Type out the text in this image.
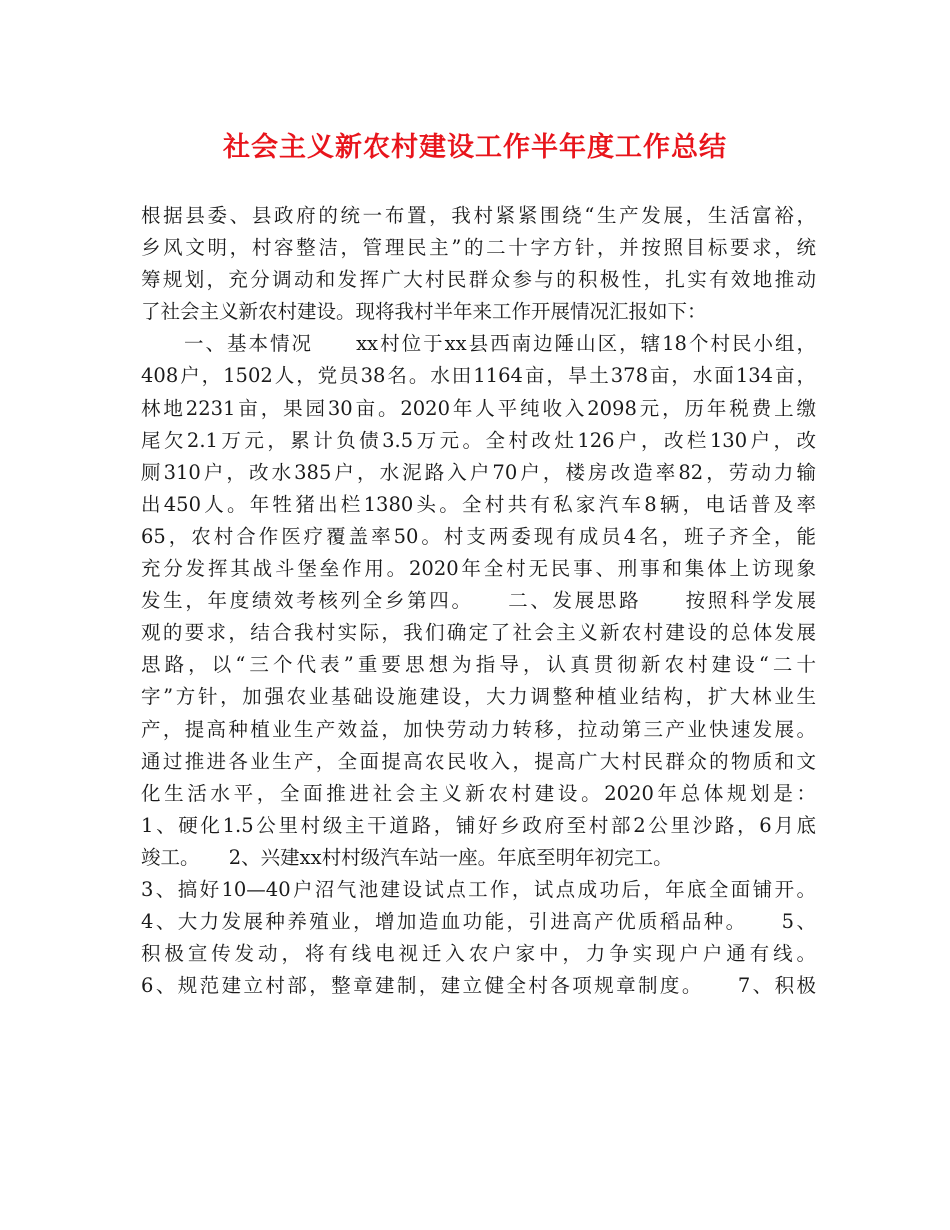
社会主义新农村建设工作半年度工作总结
根据县委、县政府的统一布置，我村紧紧围绕“生产发展，生活富裕，
乡风文明，村容整洁，管理民主”的二十字方针，并按照目标要求，统
筹规划，充分调动和发挥广大村民群众参与的积极性，扎实有效地推动
了社会主义新农村建设。现将我村半年来工作开展情况汇报如下：
　　一、基本情况　　xx村位于xx县西南边陲山区，辖18个村民小组，
408户，1502人，党员38名。水田1164亩，旱土378亩，水面134亩，
林地2231亩，果园30亩。2020年人平纯收入2098元，历年税费上缴
尾欠2.1万元，累计负债3.5万元。全村改灶126户，改栏130户，改
厕310户，改水385户，水泥路入户70户，楼房改造率82，劳动力输
出450人。年牲猪出栏1380头。全村共有私家汽车8辆，电话普及率
65，农村合作医疗覆盖率50。村支两委现有成员4名，班子齐全，能
充分发挥其战斗堡垒作用。2020年全村无民事、刑事和集体上访现象
发生，年度绩效考核列全乡第四。　　二、发展思路　　按照科学发展
观的要求，结合我村实际，我们确定了社会主义新农村建设的总体发展
思路，以“三个代表”重要思想为指导，认真贯彻新农村建设“二十
字”方针，加强农业基础设施建设，大力调整种植业结构，扩大林业生
产，提高种植业生产效益，加快劳动力转移，拉动第三产业快速发展。
通过推进各业生产，全面提高农民收入，提高广大村民群众的物质和文
化生活水平，全面推进社会主义新农村建设。2020年总体规划是：
1、硬化1.5公里村级主干道路，铺好乡政府至村部2公里沙路，6月底
竣工。　　2、兴建xx村村级汽车站一座。年底至明年初完工。
3、搞好10—40户沼气池建设试点工作，试点成功后，年底全面铺开。
4、大力发展种养殖业，增加造血功能，引进高产优质稻品种。　　5、
积极宣传发动，将有线电视迁入农户家中，力争实现户户通有线。
6、规范建立村部，整章建制，建立健全村各项规章制度。　　7、积极
